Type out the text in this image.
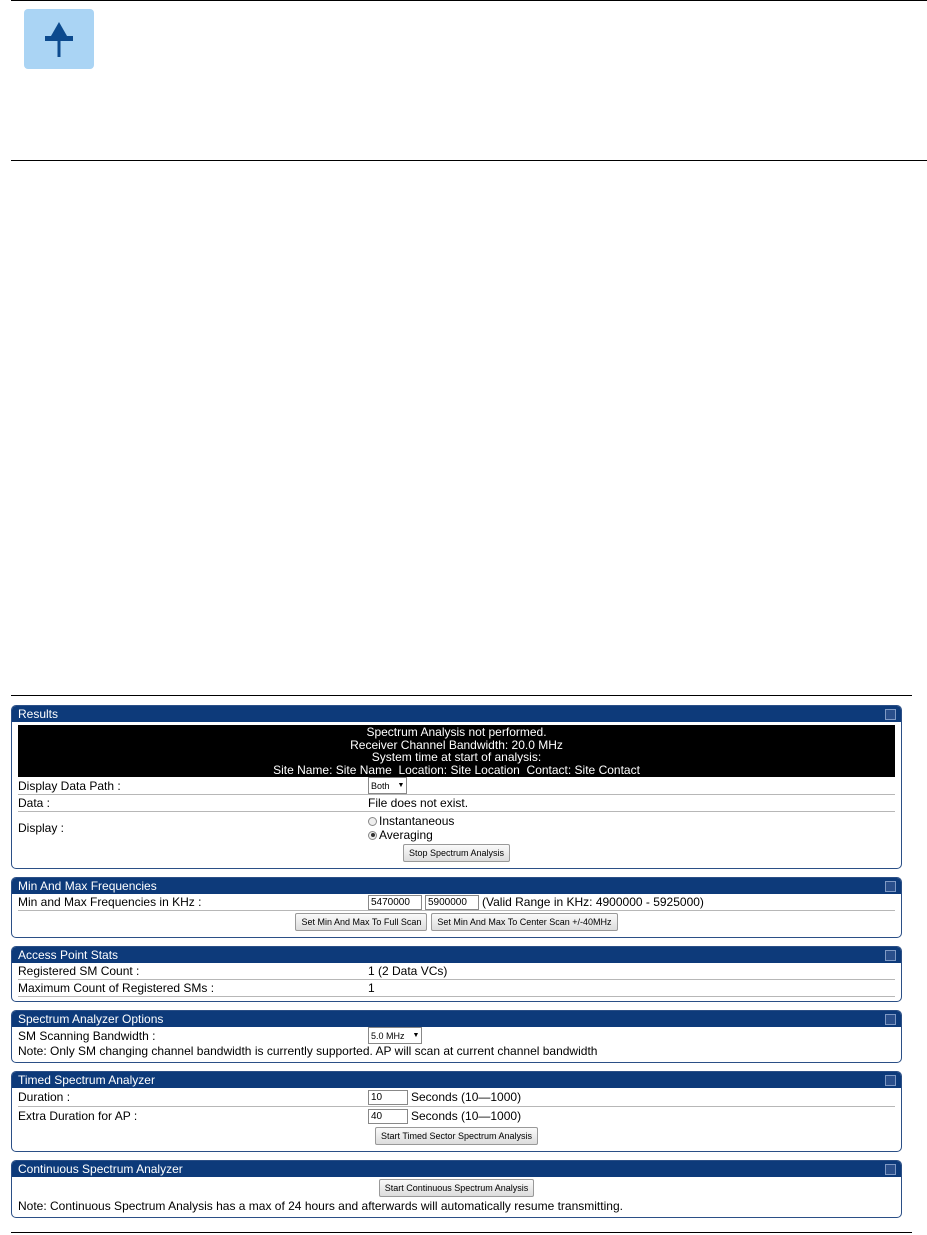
Results
Spectrum Analysis not performed.
Receiver Channel Bandwidth: 20.0 MHz
System time at start of analysis:
Site Name: Site Name  Location: Site Location  Contact: Site Contact
Display Data Path :	Both ▼
Data :	File does not exist.
Display :	Instantaneous
Averaging
Stop Spectrum Analysis
Min And Max Frequencies
Min and Max Frequencies in KHz :	5470000	5900000	(Valid Range in KHz: 4900000 - 5925000)
Set Min And Max To Full Scan	Set Min And Max To Center Scan +/-40MHz
Access Point Stats
Registered SM Count :	1 (2 Data VCs)
Maximum Count of Registered SMs :	1
Spectrum Analyzer Options
SM Scanning Bandwidth :	5.0 MHz ▼
Note: Only SM changing channel bandwidth is currently supported. AP will scan at current channel bandwidth
Timed Spectrum Analyzer
Duration :	10	Seconds (10—1000)
Extra Duration for AP :	40	Seconds (10—1000)
Start Timed Sector Spectrum Analysis
Continuous Spectrum Analyzer
Start Continuous Spectrum Analysis
Note: Continuous Spectrum Analysis has a max of 24 hours and afterwards will automatically resume transmitting.
